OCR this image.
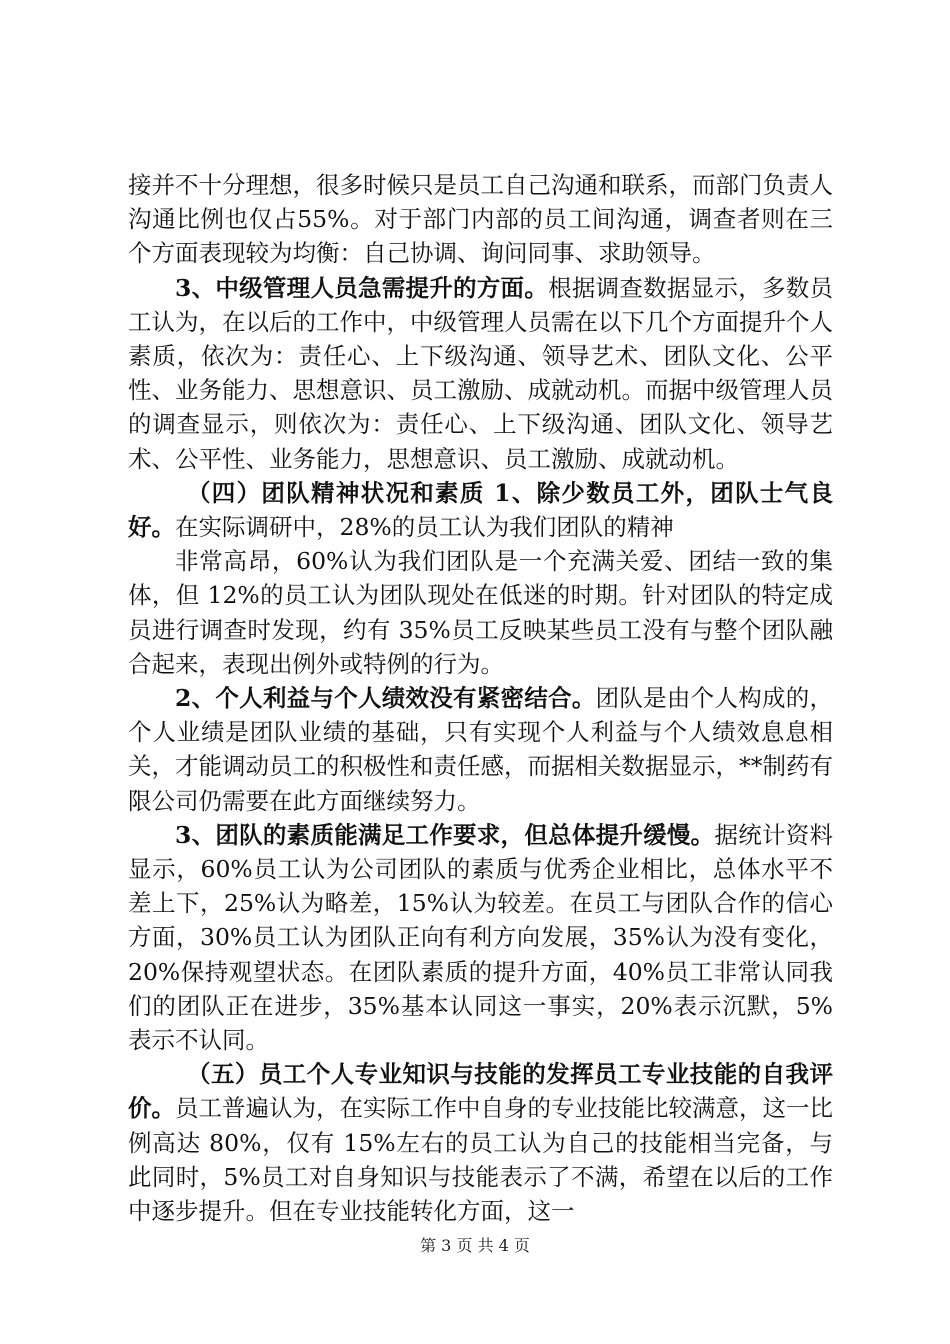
接并不十分理想，很多时候只是员工自己沟通和联系，而部门负责人沟通比例也仅占55%。对于部门内部的员工间沟通，调查者则在三个方面表现较为均衡：自己协调、询问同事、求助领导。

3、中级管理人员急需提升的方面。根据调查数据显示，多数员工认为，在以后的工作中，中级管理人员需在以下几个方面提升个人素质，依次为：责任心、上下级沟通、领导艺术、团队文化、公平性、业务能力、思想意识、员工激励、成就动机。而据中级管理人员的调查显示，则依次为：责任心、上下级沟通、团队文化、领导艺术、公平性、业务能力，思想意识、员工激励、成就动机。

（四）团队精神状况和素质 1、除少数员工外，团队士气良好。在实际调研中，28%的员工认为我们团队的精神

非常高昂，60%认为我们团队是一个充满关爱、团结一致的集体，但 12%的员工认为团队现处在低迷的时期。针对团队的特定成员进行调查时发现，约有 35%员工反映某些员工没有与整个团队融合起来，表现出例外或特例的行为。

2、个人利益与个人绩效没有紧密结合。团队是由个人构成的，个人业绩是团队业绩的基础，只有实现个人利益与个人绩效息息相关，才能调动员工的积极性和责任感，而据相关数据显示，**制药有限公司仍需要在此方面继续努力。

3、团队的素质能满足工作要求，但总体提升缓慢。据统计资料显示，60%员工认为公司团队的素质与优秀企业相比，总体水平不差上下，25%认为略差，15%认为较差。在员工与团队合作的信心方面，30%员工认为团队正向有利方向发展，35%认为没有变化，20%保持观望状态。在团队素质的提升方面，40%员工非常认同我们的团队正在进步，35%基本认同这一事实，20%表示沉默，5%表示不认同。

（五）员工个人专业知识与技能的发挥员工专业技能的自我评价。员工普遍认为，在实际工作中自身的专业技能比较满意，这一比例高达 80%，仅有 15%左右的员工认为自己的技能相当完备，与此同时，5%员工对自身知识与技能表示了不满，希望在以后的工作中逐步提升。但在专业技能转化方面，这一

第 3 页 共 4 页
